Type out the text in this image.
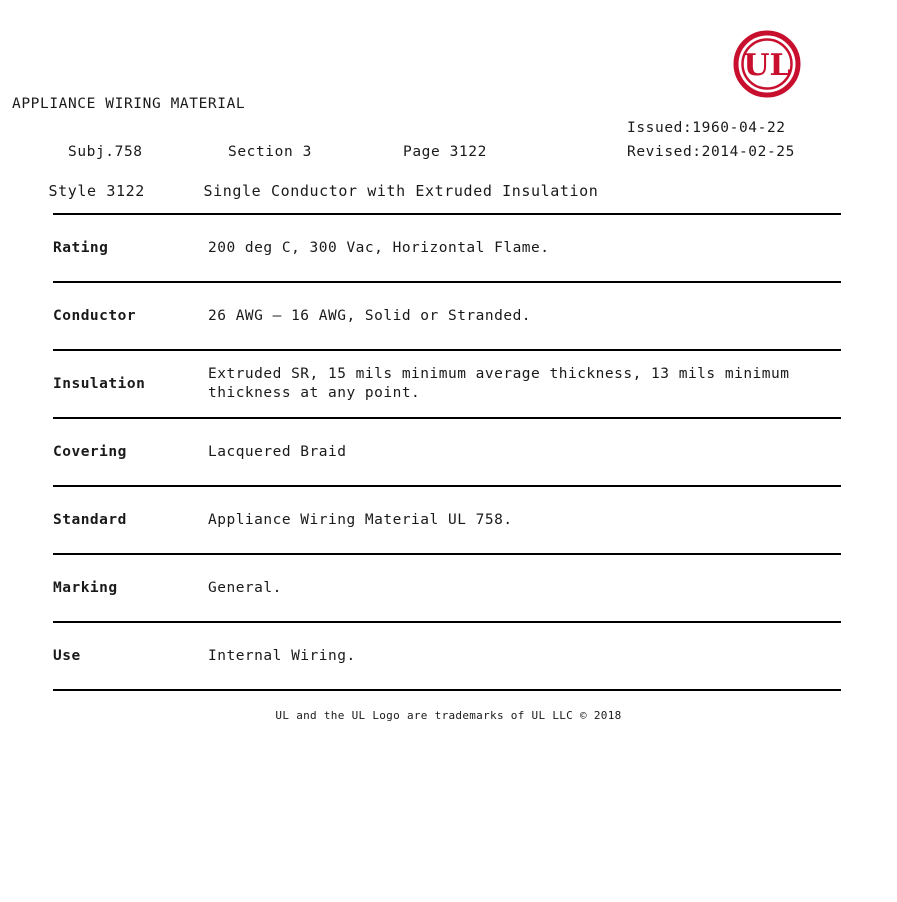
UL
APPLIANCE WIRING MATERIAL

Subj.758	Section 3	Page 3122

Issued:1960-04-22

Revised:2014-02-25

Style 3122	Single Conductor with Extruded Insulation

Rating	200 deg C, 300 Vac, Horizontal Flame.
Conductor	26 AWG – 16 AWG, Solid or Stranded.
Insulation	Extruded SR, 15 mils minimum average thickness, 13 mils minimum thickness at any point.
Covering	Lacquered Braid
Standard	Appliance Wiring Material UL 758.
Marking	General.
Use	Internal Wiring.
UL and the UL Logo are trademarks of UL LLC © 2018
